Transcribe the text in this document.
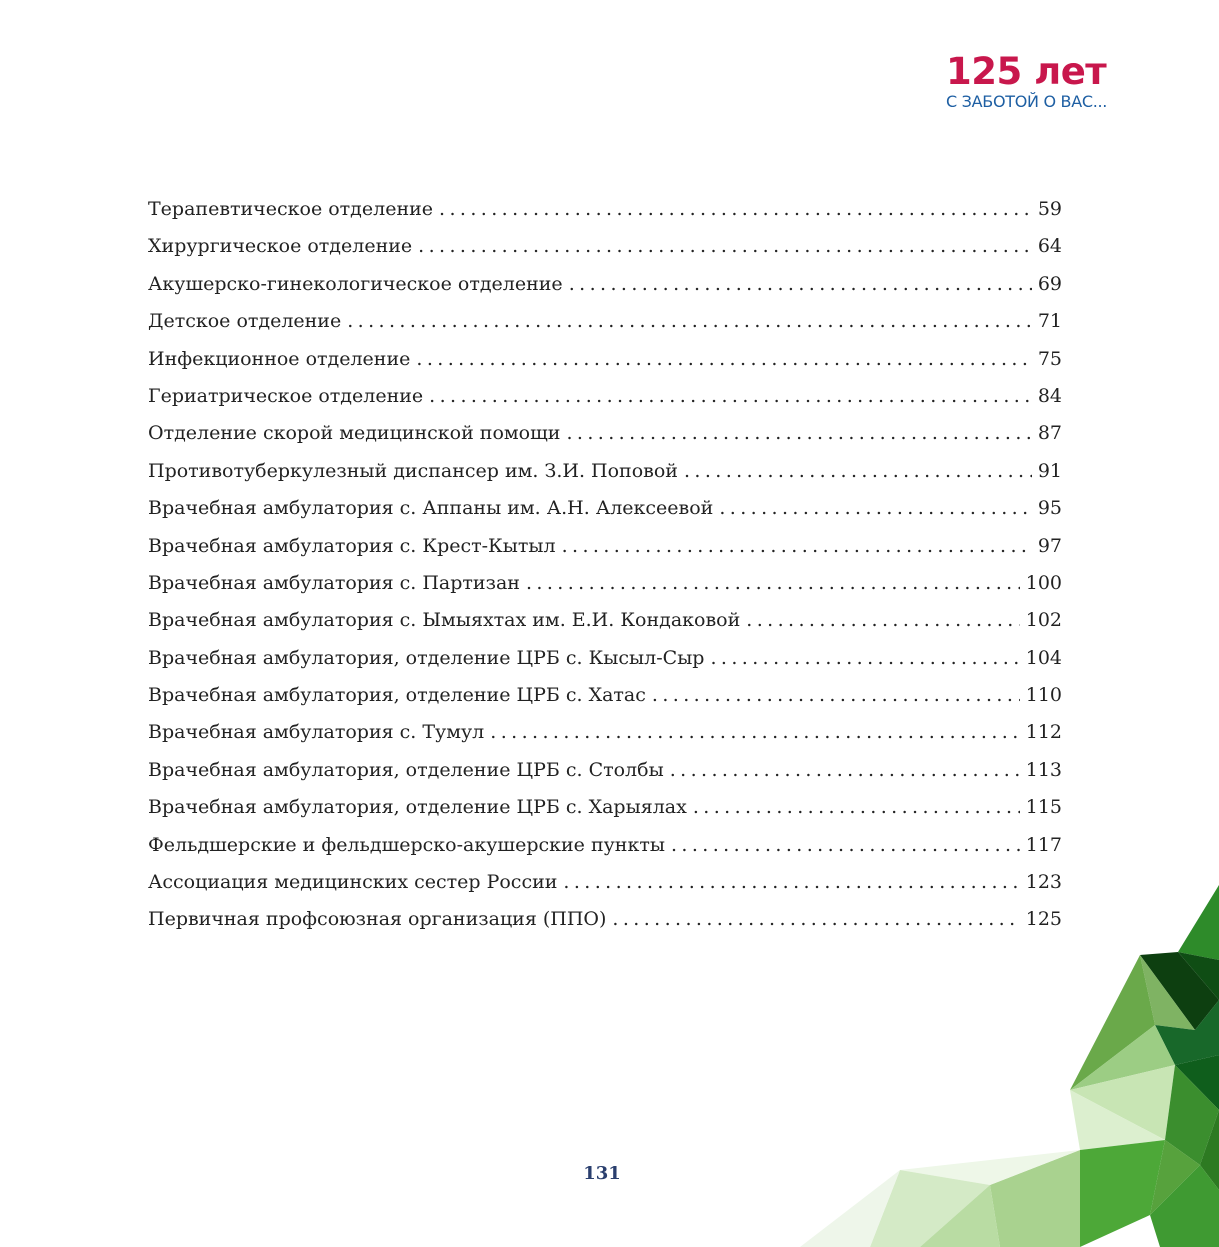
125 лет
С ЗАБОТОЙ О ВАС...
Терапевтическое отделение .....	59
Хирургическое отделение .....	64
Акушерско-гинекологическое отделение .....	69
Детское отделение .....	71
Инфекционное отделение .....	75
Гериатрическое отделение .....	84
Отделение скорой медицинской помощи .....	87
Противотуберкулезный диспансер им. З.И. Поповой .....	91
Врачебная амбулатория с. Аппаны им. А.Н. Алексеевой .....	95
Врачебная амбулатория с. Крест-Кытыл .....	97
Врачебная амбулатория с. Партизан .....	100
Врачебная амбулатория с. Ымыяхтах им. Е.И. Кондаковой .....	102
Врачебная амбулатория, отделение ЦРБ с. Кысыл-Сыр .....	104
Врачебная амбулатория, отделение ЦРБ с. Хатас .....	110
Врачебная амбулатория с. Тумул .....	112
Врачебная амбулатория, отделение ЦРБ с. Столбы .....	113
Врачебная амбулатория, отделение ЦРБ с. Харыялах .....	115
Фельдшерские и фельдшерско-акушерские пункты .....	117
Ассоциация медицинских сестер России .....	123
Первичная профсоюзная организация (ППО) .....	125
131
